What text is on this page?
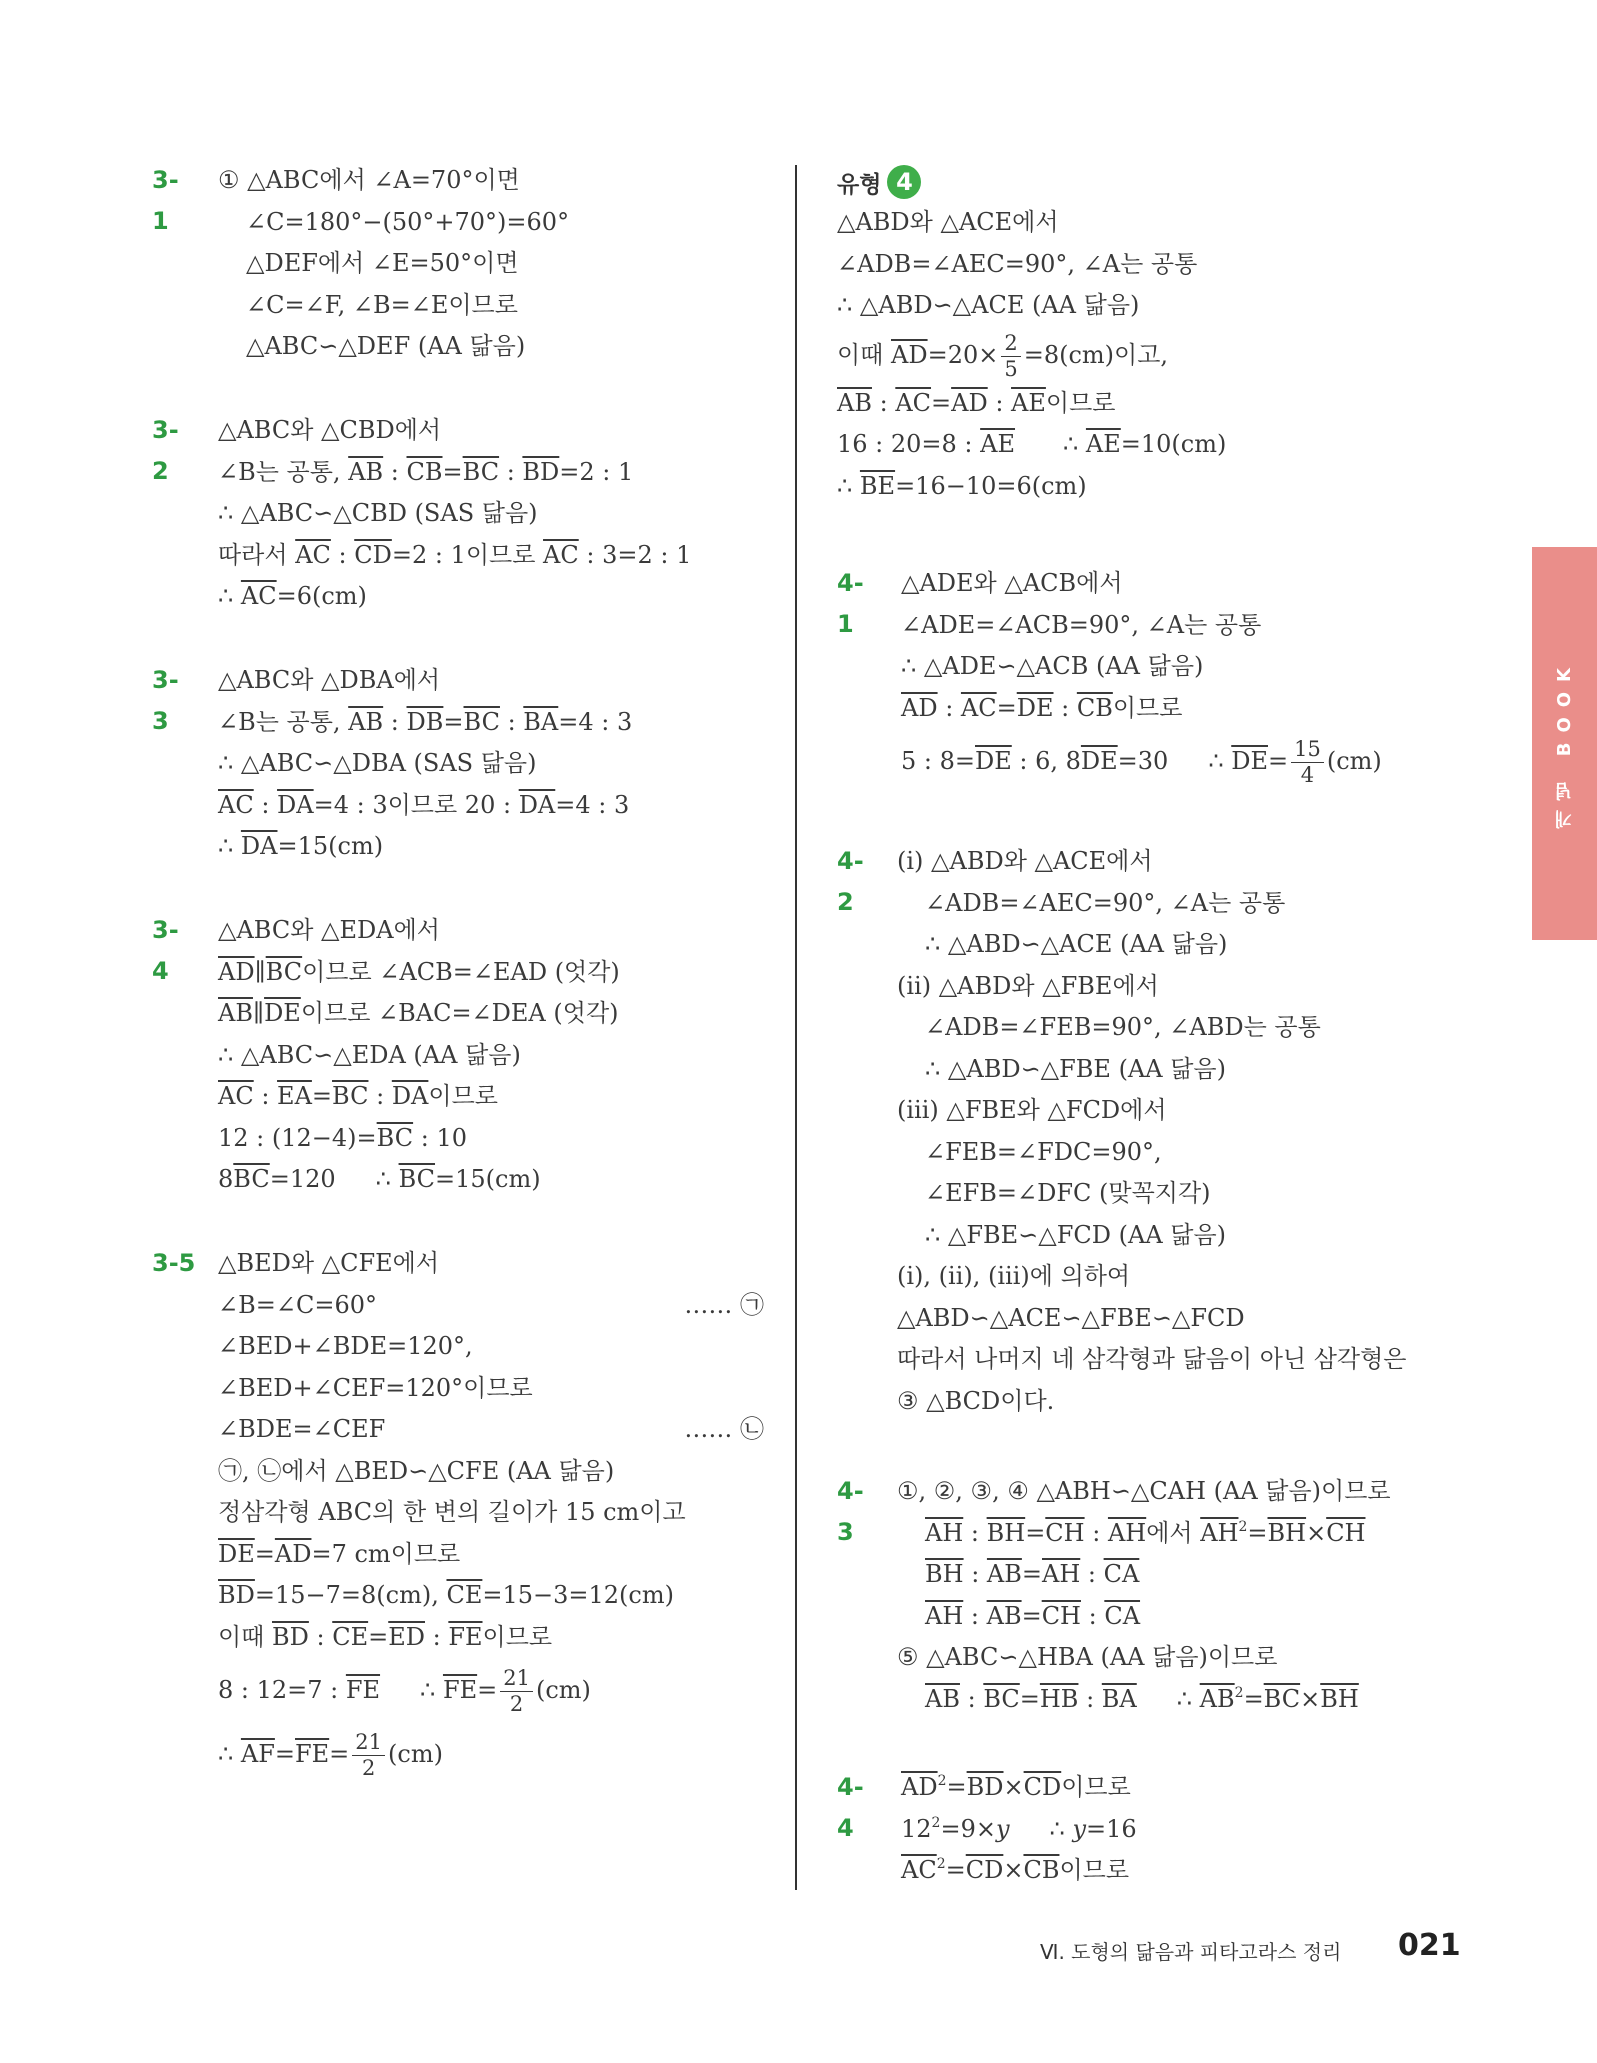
3-1
① △ABC에서 ∠A=70°이면
∠C=180°−(50°+70°)=60°
△DEF에서 ∠E=50°이면
∠C=∠F, ∠B=∠E이므로
△ABC∽△DEF (AA 닮음)
3-2
△ABC와 △CBD에서
∠B는 공통, $\overline{AB}$ : $\overline{CB}=\overline{BC}$ : $\overline{BD}=2$ : 1
∴ △ABC∽△CBD (SAS 닮음)
따라서 $\overline{AC}$ : $\overline{CD}=2$ : 1이므로 $\overline{AC}$ : 3=2 : 1
∴ $\overline{AC}=6(cm)$
3-3
△ABC와 △DBA에서
∠B는 공통, $\overline{AB}$ : $\overline{DB}=\overline{BC}$ : $\overline{BA}=4$ : 3
∴ △ABC∽△DBA (SAS 닮음)
$\overline{AC}$ : $\overline{DA}=4$ : 3이므로 20 : $\overline{DA}=4$ : 3
∴ $\overline{DA}=15(cm)$
3-4
△ABC와 △EDA에서
$\overline{AD}\parallel\overline{BC}$이므로 ∠ACB=∠EAD (엇각)
$\overline{AB}\parallel\overline{DE}$이므로 ∠BAC=∠DEA (엇각)
∴ △ABC∽△EDA (AA 닮음)
$\overline{AC}$ : $\overline{EA}=\overline{BC}$ : $\overline{DA}$이므로
12 : $(12-4)=\overline{BC}$ : 10
$8\overline{BC}=120$ ∴ $\overline{BC}=15(cm)$
3-5 △BED와 △CFE에서
∠B=∠C=60°	…… ㉠
∠BED+∠BDE=120°,
∠BED+∠CEF=120°이므로
∠BDE=∠CEF	…… ㉡
㉠, ㉡에서 △BED∽△CFE (AA 닮음)
정삼각형 ABC의 한 변의 길이가 15 cm이고
$\overline{DE}=\overline{AD}=7$ cm이므로
$\overline{BD}=15-7=8(cm)$, $\overline{CE}=15-3=12(cm)$
이때 $\overline{BD}$ : $\overline{CE}=\overline{ED}$ : $\overline{FE}$이므로
8 : 12=7 : $\overline{FE}$ ∴ $\overline{FE}= \frac{21}{2} (cm)$
∴ $\overline{AF}=\overline{FE}= \frac{21}{2} (cm)$
유형 4
△ABD와 △ACE에서
∠ADB=∠AEC=90°, ∠A는 공통
∴ △ABD∽△ACE (AA 닮음)
이때 $\overline{AD}=20\times \frac{2}{5} =8(cm)$이고,
$\overline{AB}$ : $\overline{AC}=\overline{AD}$ : $\overline{AE}$이므로
16 : 20=8 : $\overline{AE}$ ∴ $\overline{AE}=10(cm)$
∴ $\overline{BE}=16-10=6(cm)$
4-1
△ADE와 △ACB에서
∠ADE=∠ACB=90°, ∠A는 공통
∴ △ADE∽△ACB (AA 닮음)
$\overline{AD}$ : $\overline{AC}=\overline{DE}$ : $\overline{CB}$이므로
5 : $8=\overline{DE}$ : 6, $8\overline{DE}=30$ ∴ $\overline{DE}= \frac{15}{4} (cm)$
4-2
(ⅰ) △ABD와 △ACE에서
∠ADB=∠AEC=90°, ∠A는 공통
∴ △ABD∽△ACE (AA 닮음)
(ⅱ) △ABD와 △FBE에서
∠ADB=∠FEB=90°, ∠ABD는 공통
∴ △ABD∽△FBE (AA 닮음)
(ⅲ) △FBE와 △FCD에서
∠FEB=∠FDC=90°,
∠EFB=∠DFC (맞꼭지각)
∴ △FBE∽△FCD (AA 닮음)
(ⅰ), (ⅱ), (ⅲ)에 의하여
△ABD∽△ACE∽△FBE∽△FCD
따라서 나머지 네 삼각형과 닮음이 아닌 삼각형은
③ △BCD이다.
4-3
①, ②, ③, ④ △ABH∽△CAH (AA 닮음)이므로
$\overline{AH}$ : $\overline{BH}=\overline{CH}$ : $\overline{AH}$에서 $\overline{AH}^2=\overline{BH}\times\overline{CH}$
$\overline{BH}$ : $\overline{AB}=\overline{AH}$ : $\overline{CA}$
$\overline{AH}$ : $\overline{AB}=\overline{CH}$ : $\overline{CA}$
⑤ △ABC∽△HBA (AA 닮음)이므로
$\overline{AB}$ : $\overline{BC}=\overline{HB}$ : $\overline{BA}$ ∴ $\overline{AB}^2=\overline{BC}\times\overline{BH}$
4-4
$\overline{AD}^2=\overline{BD}\times\overline{CD}$이므로
$12^2=9\times y$ ∴ y=16
$\overline{AC}^2=\overline{CD}\times\overline{CB}$이므로
개념 BOOK
Ⅵ. 도형의 닮음과 피타고라스 정리 021
